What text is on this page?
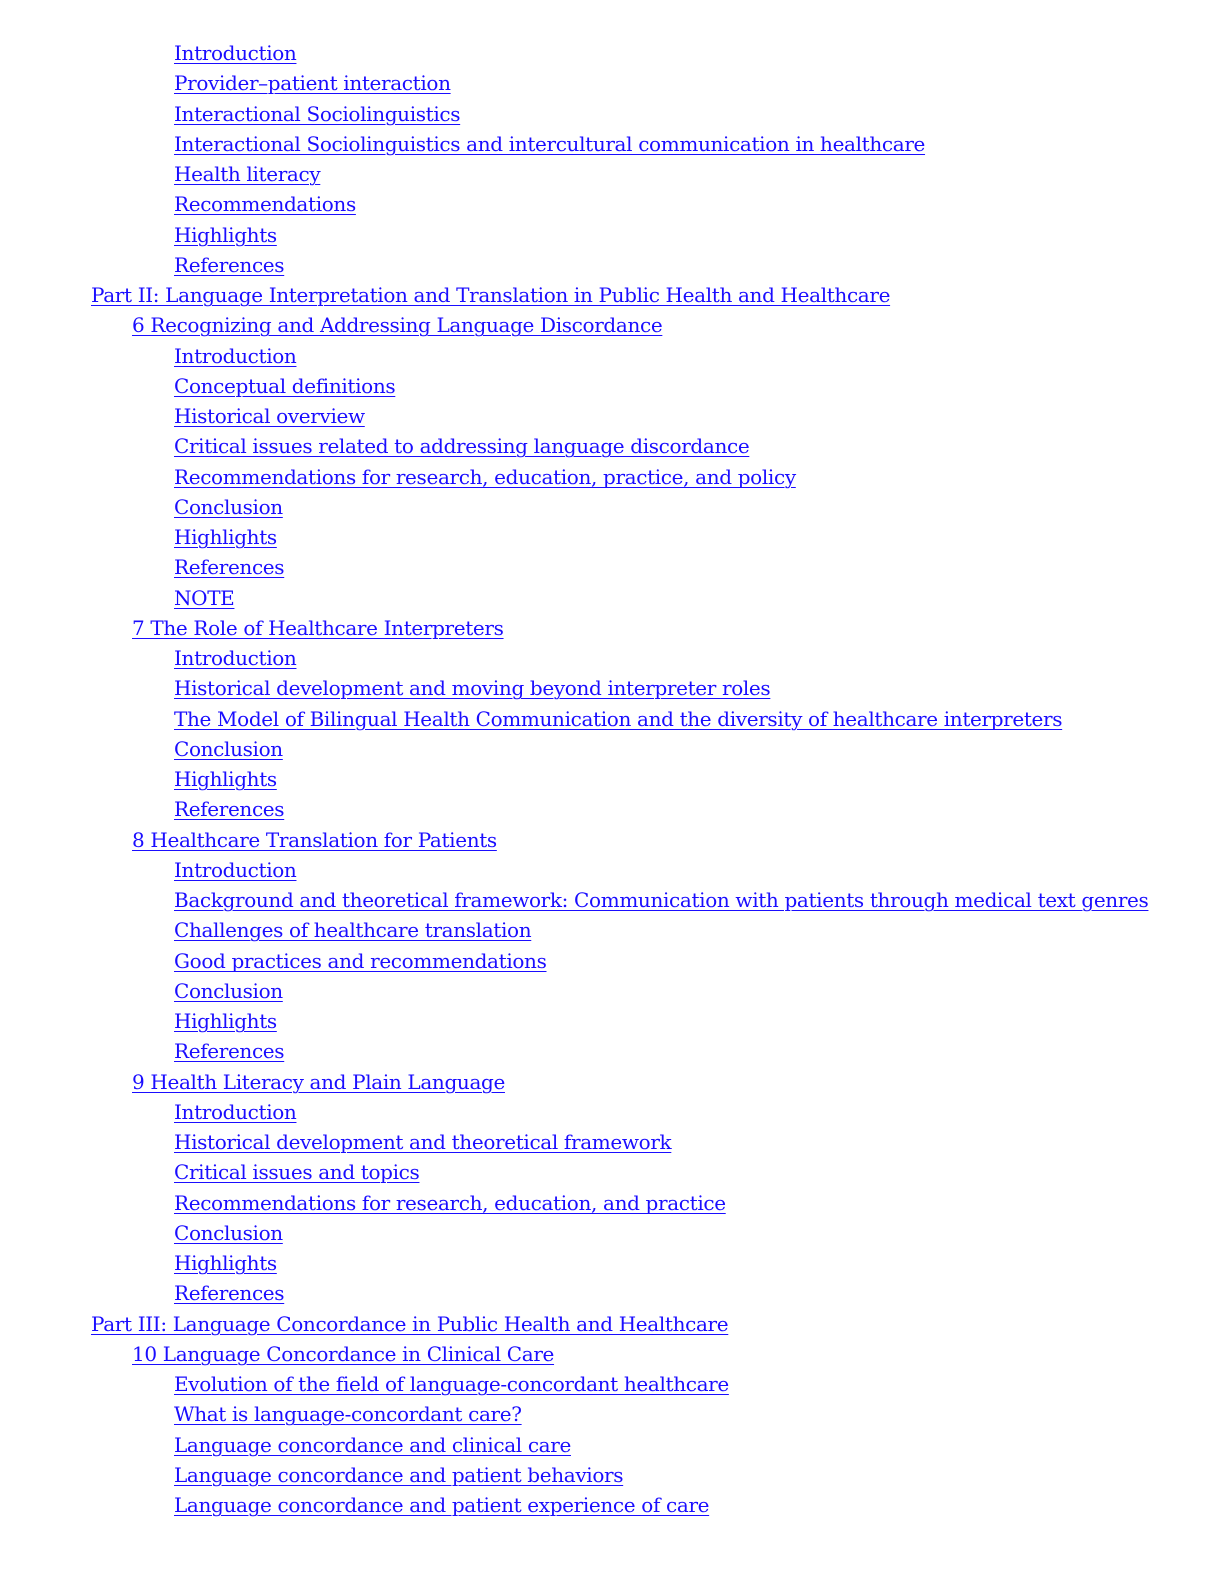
Introduction
Provider–patient interaction
Interactional Sociolinguistics
Interactional Sociolinguistics and intercultural communication in healthcare
Health literacy
Recommendations
Highlights
References
Part II: Language Interpretation and Translation in Public Health and Healthcare
6 Recognizing and Addressing Language Discordance
Introduction
Conceptual definitions
Historical overview
Critical issues related to addressing language discordance
Recommendations for research, education, practice, and policy
Conclusion
Highlights
References
NOTE
7 The Role of Healthcare Interpreters
Introduction
Historical development and moving beyond interpreter roles
The Model of Bilingual Health Communication and the diversity of healthcare interpreters
Conclusion
Highlights
References
8 Healthcare Translation for Patients
Introduction
Background and theoretical framework: Communication with patients through medical text genres
Challenges of healthcare translation
Good practices and recommendations
Conclusion
Highlights
References
9 Health Literacy and Plain Language
Introduction
Historical development and theoretical framework
Critical issues and topics
Recommendations for research, education, and practice
Conclusion
Highlights
References
Part III: Language Concordance in Public Health and Healthcare
10 Language Concordance in Clinical Care
Evolution of the field of language-concordant healthcare
What is language-concordant care?
Language concordance and clinical care
Language concordance and patient behaviors
Language concordance and patient experience of care
